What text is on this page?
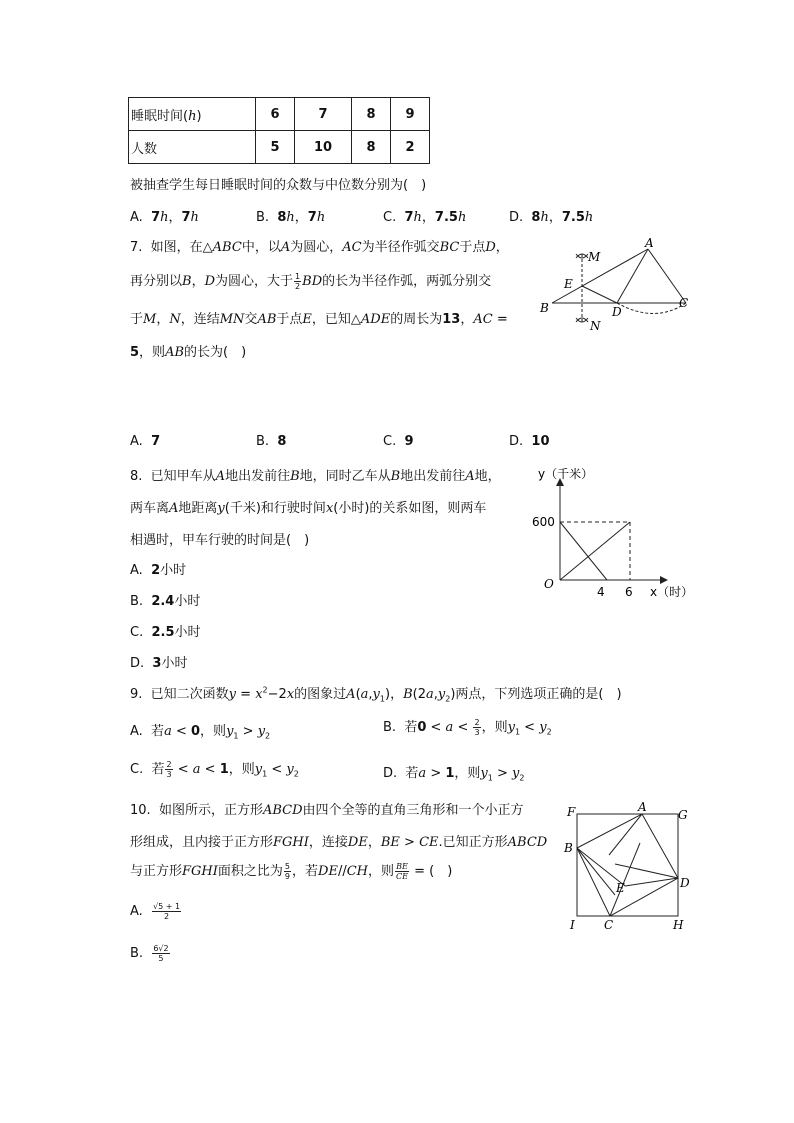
睡眠时间(h)	6	7	8	9
人数	5	10	8	2
被抽查学生每日睡眠时间的众数与中位数分别为(　)
A.  7h，7h	B.  8h，7h	C.  7h，7.5h	D.  8h，7.5h
7.  如图，在△ABC中，以A为圆心，AC为半径作弧交BC于点D，
再分别以B，D为圆心，大于 $\frac{1}{2}$ BD的长为半径作弧，两弧分别交
于M，N，连结MN交AB于点E，已知△ADE的周长为13，AC =
5，则AB的长为(　)
A
M
E
B	D
C
N
A.  7	B.  8	C.  9	D.  10
8.  已知甲车从A地出发前往B地，同时乙车从B地出发前往A地，
两车离A地距离y(千米)和行驶时间x(小时)的关系如图，则两车
相遇时，甲车行驶的时间是(　)
y（千米）
600
O
4 6 x（时）
A.  2小时
B.  2.4小时
C.  2.5小时
D.  3小时
9.  已知二次函数$y = x^2-2x$的图象过$A(a,y_1)$，$B(2a,y_2)$两点，下列选项正确的是(　)
A.  若a < 0，则$y_1 > y_2$
B.  若$0 < a < \frac{2}{3}$ ，则$y_1 < y_2$
C.  若 $\frac{2}{3} < a < 1$，则$y_1 < y_2$	D.  若a > 1，则$y_1 > y_2$
10.  如图所示，正方形ABCD由四个全等的直角三角形和一个小正方
形组成，且内接于正方形FGHI，连接DE，BE > CE.已知正方形ABCD
与正方形FGHI面积之比为 $\frac{5}{9}$ ，若DE//CH，则 $\frac{BE}{CE}$ = (　)
F	A
G
B
E	D
I C	H
A. $\frac{√5 + 1}{2}$
B. $\frac{6√2}{5}$
